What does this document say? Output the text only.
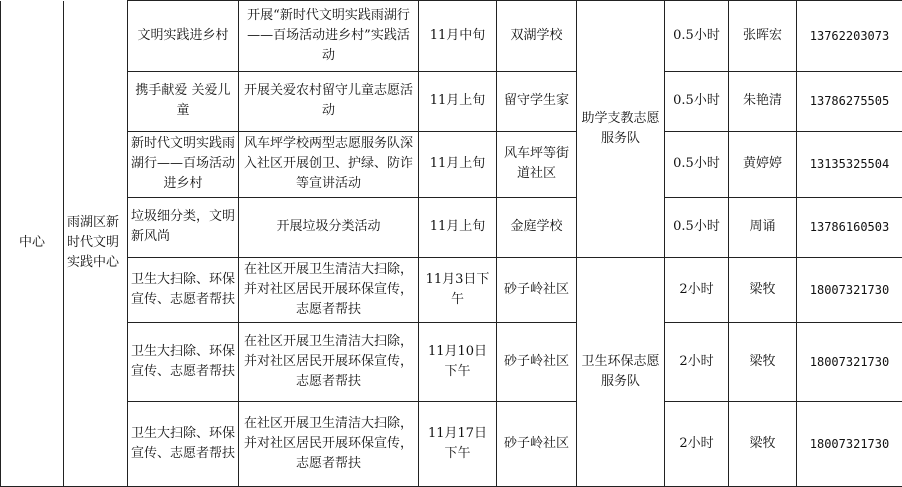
中心	雨湖区新时代文明实践中心	文明实践进乡村	开展“新时代文明实践雨湖行——百场活动进乡村”实践活动	11月中旬	双湖学校	助学支教志愿服务队	0.5小时	张晖宏	13762203073
		携手献爱 关爱儿童	开展关爱农村留守儿童志愿活动	11月上旬	留守学生家		0.5小时	朱艳清	13786275505
		新时代文明实践雨湖行——百场活动进乡村	风车坪学校两型志愿服务队深入社区开展创卫、护绿、防诈等宣讲活动	11月上旬	风车坪等街道社区		0.5小时	黄婷婷	13135325504
		垃圾细分类，文明新风尚	开展垃圾分类活动	11月上旬	金庭学校		0.5小时	周诵	13786160503
		卫生大扫除、环保宣传、志愿者帮扶	在社区开展卫生清洁大扫除，并对社区居民开展环保宣传，志愿者帮扶	11月3日下午	砂子岭社区	卫生环保志愿服务队	2小时	梁牧	18007321730
		卫生大扫除、环保宣传、志愿者帮扶	在社区开展卫生清洁大扫除，并对社区居民开展环保宣传，志愿者帮扶	11月10日下午	砂子岭社区		2小时	梁牧	18007321730
		卫生大扫除、环保宣传、志愿者帮扶	在社区开展卫生清洁大扫除，并对社区居民开展环保宣传，志愿者帮扶	11月17日下午	砂子岭社区		2小时	梁牧	18007321730
